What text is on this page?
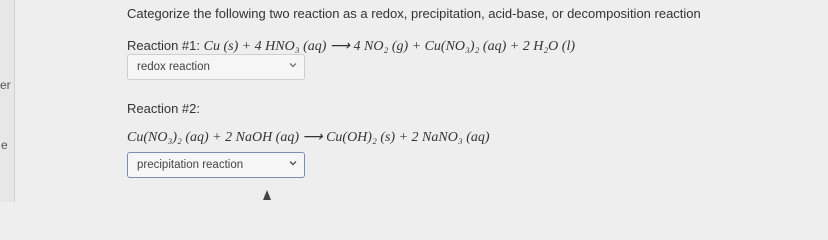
er
e
Categorize the following two reaction as a redox, precipitation, acid-base, or decomposition reaction
Reaction #1: Cu (s) + 4 HNO₃ (aq) ⟶ 4 NO₂ (g) + Cu(NO₃)₂ (aq) + 2 H₂O (l)
redox reaction
Reaction #2:
Cu(NO₃)₂ (aq) + 2 NaOH (aq) ⟶ Cu(OH)₂ (s) + 2 NaNO₃ (aq)
precipitation reaction
